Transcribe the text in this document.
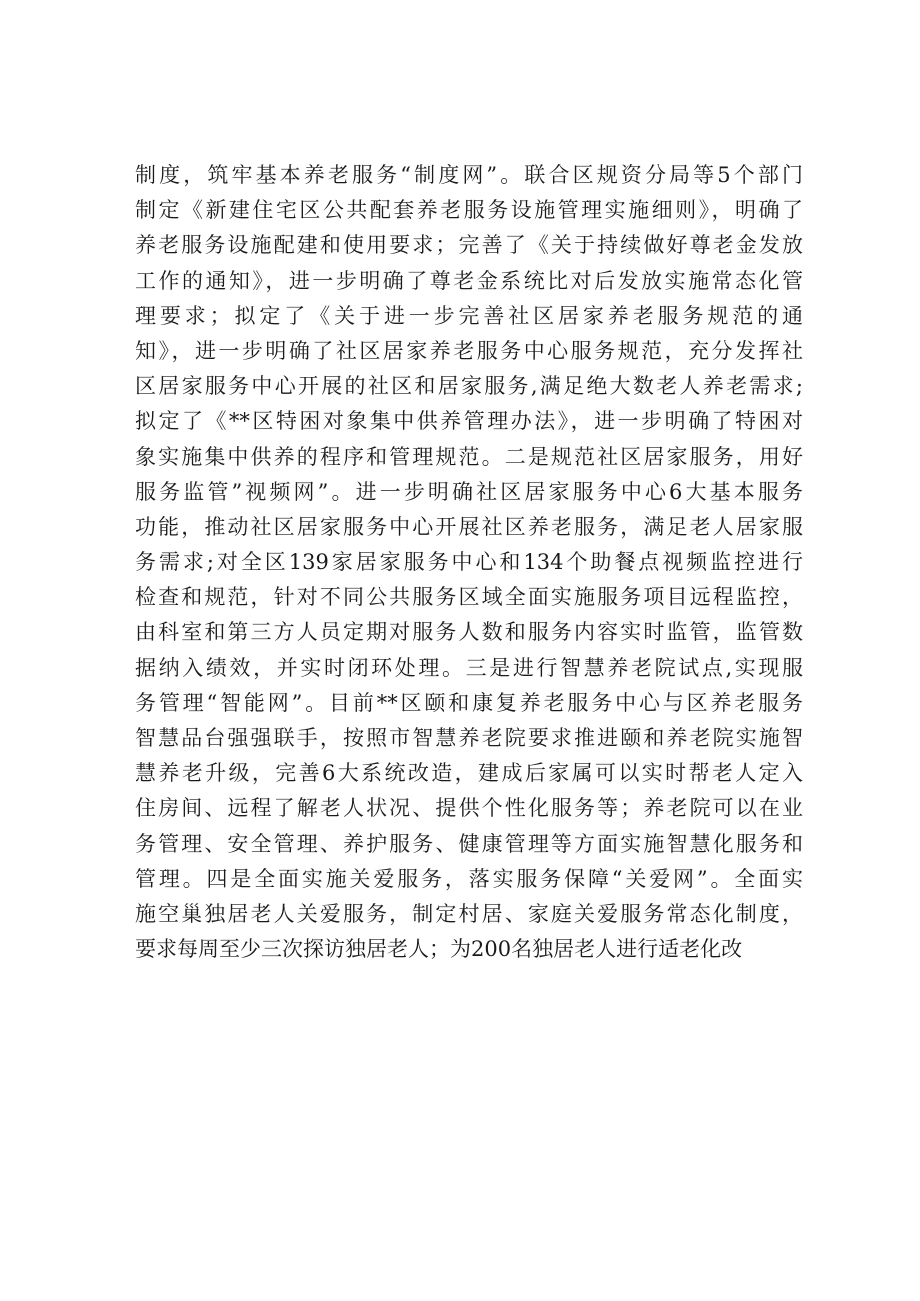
制度，筑牢基本养老服务“制度网”。联合区规资分局等5个部门
制定《新建住宅区公共配套养老服务设施管理实施细则》，明确了
养老服务设施配建和使用要求；完善了《关于持续做好尊老金发放
工作的通知》，进一步明确了尊老金系统比对后发放实施常态化管
理要求；拟定了《关于进一步完善社区居家养老服务规范的通
知》，进一步明确了社区居家养老服务中心服务规范，充分发挥社
区居家服务中心开展的社区和居家服务,满足绝大数老人养老需求;
拟定了《**区特困对象集中供养管理办法》，进一步明确了特困对
象实施集中供养的程序和管理规范。二是规范社区居家服务，用好
服务监管”视频网”。进一步明确社区居家服务中心6大基本服务
功能，推动社区居家服务中心开展社区养老服务，满足老人居家服
务需求;对全区139家居家服务中心和134个助餐点视频监控进行
检查和规范，针对不同公共服务区域全面实施服务项目远程监控，
由科室和第三方人员定期对服务人数和服务内容实时监管，监管数
据纳入绩效，并实时闭环处理。三是进行智慧养老院试点,实现服
务管理“智能网”。目前**区颐和康复养老服务中心与区养老服务
智慧品台强强联手，按照市智慧养老院要求推进颐和养老院实施智
慧养老升级，完善6大系统改造，建成后家属可以实时帮老人定入
住房间、远程了解老人状况、提供个性化服务等；养老院可以在业
务管理、安全管理、养护服务、健康管理等方面实施智慧化服务和
管理。四是全面实施关爱服务，落实服务保障“关爱网”。全面实
施空巢独居老人关爱服务，制定村居、家庭关爱服务常态化制度，
要求每周至少三次探访独居老人；为200名独居老人进行适老化改
